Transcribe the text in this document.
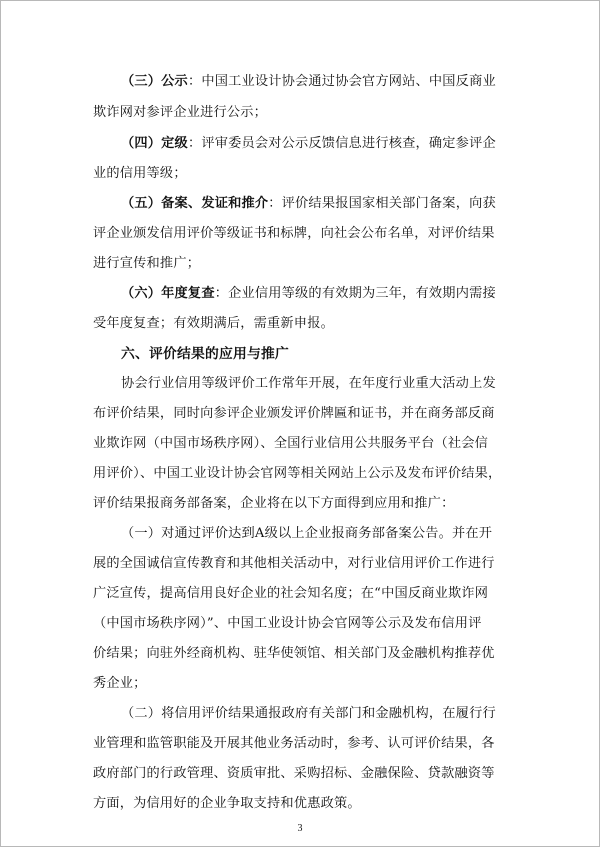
（三）公示：中国工业设计协会通过协会官方网站、中国反商业
欺诈网对参评企业进行公示；
（四）定级：评审委员会对公示反馈信息进行核查，确定参评企
业的信用等级；
（五）备案、发证和推介：评价结果报国家相关部门备案，向获
评企业颁发信用评价等级证书和标牌，向社会公布名单，对评价结果
进行宣传和推广；
（六）年度复查：企业信用等级的有效期为三年，有效期内需接
受年度复查；有效期满后，需重新申报。
六、评价结果的应用与推广
协会行业信用等级评价工作常年开展，在年度行业重大活动上发
布评价结果，同时向参评企业颁发评价牌匾和证书，并在商务部反商
业欺诈网（中国市场秩序网）、全国行业信用公共服务平台（社会信
用评价）、中国工业设计协会官网等相关网站上公示及发布评价结果，
评价结果报商务部备案，企业将在以下方面得到应用和推广：
（一）对通过评价达到A级以上企业报商务部备案公告。并在开
展的全国诚信宣传教育和其他相关活动中，对行业信用评价工作进行
广泛宣传，提高信用良好企业的社会知名度；在“中国反商业欺诈网
（中国市场秩序网）”、中国工业设计协会官网等公示及发布信用评
价结果；向驻外经商机构、驻华使领馆、相关部门及金融机构推荐优
秀企业；
（二）将信用评价结果通报政府有关部门和金融机构，在履行行
业管理和监管职能及开展其他业务活动时，参考、认可评价结果，各
政府部门的行政管理、资质审批、采购招标、金融保险、贷款融资等
方面，为信用好的企业争取支持和优惠政策。
3
